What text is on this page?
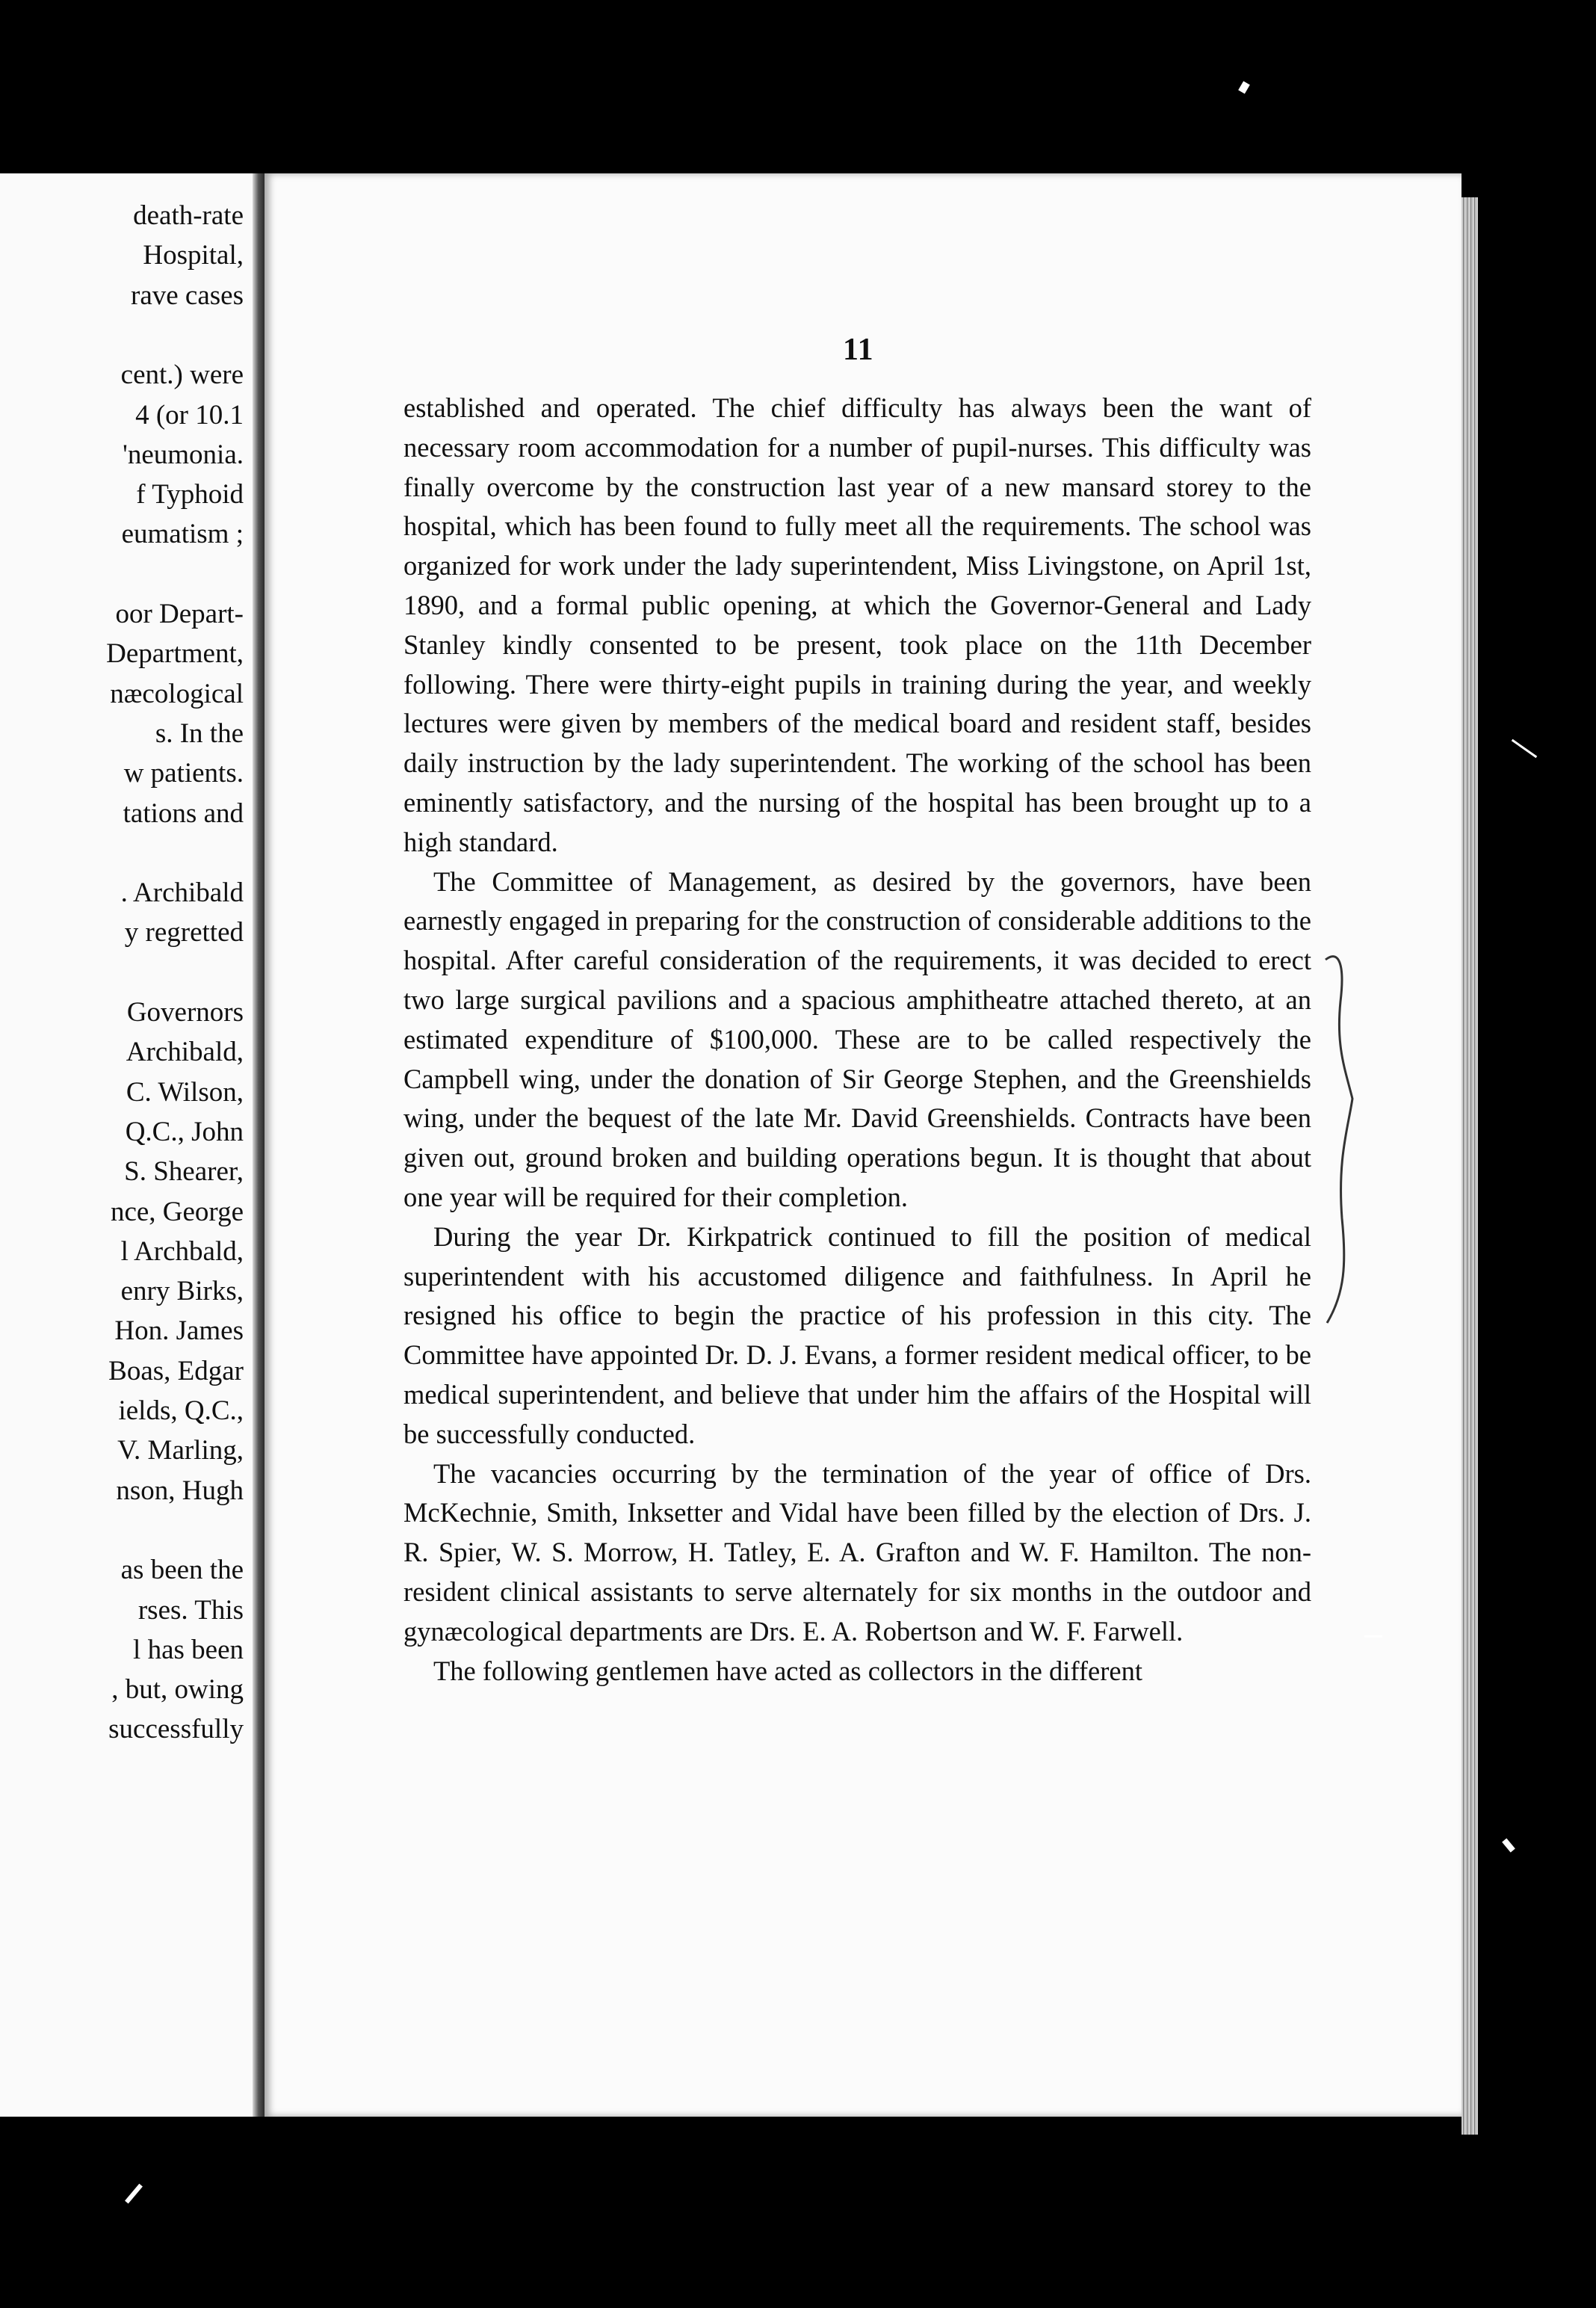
death-rate
Hospital,
rave cases
cent.) were
4 (or 10.1
'neumonia.
f Typhoid
eumatism ;
oor Depart-
Department,
næcological
s. In the
w patients.
tations and
. Archibald
y regretted
Governors
Archibald,
C. Wilson,
Q.C., John
S. Shearer,
nce, George
l Archbald,
enry Birks,
Hon. James
Boas, Edgar
ields, Q.C.,
V. Marling,
nson, Hugh
as been the
rses. This
l has been
, but, owing
successfully
11

established and operated. The chief difficulty has always been the want of necessary room accommodation for a number of pupil-nurses. This difficulty was finally overcome by the construction last year of a new mansard storey to the hospital, which has been found to fully meet all the requirements. The school was organized for work under the lady superintendent, Miss Livingstone, on April 1st, 1890, and a formal public opening, at which the Governor-General and Lady Stanley kindly consented to be present, took place on the 11th December following. There were thirty-eight pupils in training during the year, and weekly lectures were given by members of the medical board and resident staff, besides daily instruction by the lady superintendent. The working of the school has been eminently satisfactory, and the nursing of the hospital has been brought up to a high standard.

The Committee of Management, as desired by the governors, have been earnestly engaged in preparing for the construction of considerable additions to the hospital. After careful consideration of the requirements, it was decided to erect two large surgical pavilions and a spacious amphitheatre attached thereto, at an estimated expenditure of $100,000. These are to be called respectively the Campbell wing, under the donation of Sir George Stephen, and the Greenshields wing, under the bequest of the late Mr. David Greenshields. Contracts have been given out, ground broken and building operations begun. It is thought that about one year will be required for their completion.

During the year Dr. Kirkpatrick continued to fill the position of medical superintendent with his accustomed diligence and faithfulness. In April he resigned his office to begin the practice of his profession in this city. The Committee have appointed Dr. D. J. Evans, a former resident medical officer, to be medical superintendent, and believe that under him the affairs of the Hospital will be successfully conducted.

The vacancies occurring by the termination of the year of office of Drs. McKechnie, Smith, Inksetter and Vidal have been filled by the election of Drs. J. R. Spier, W. S. Morrow, H. Tatley, E. A. Grafton and W. F. Hamilton. The non-resident clinical assistants to serve alternately for six months in the outdoor and gynæcological departments are Drs. E. A. Robertson and W. F. Farwell.

The following gentlemen have acted as collectors in the different
